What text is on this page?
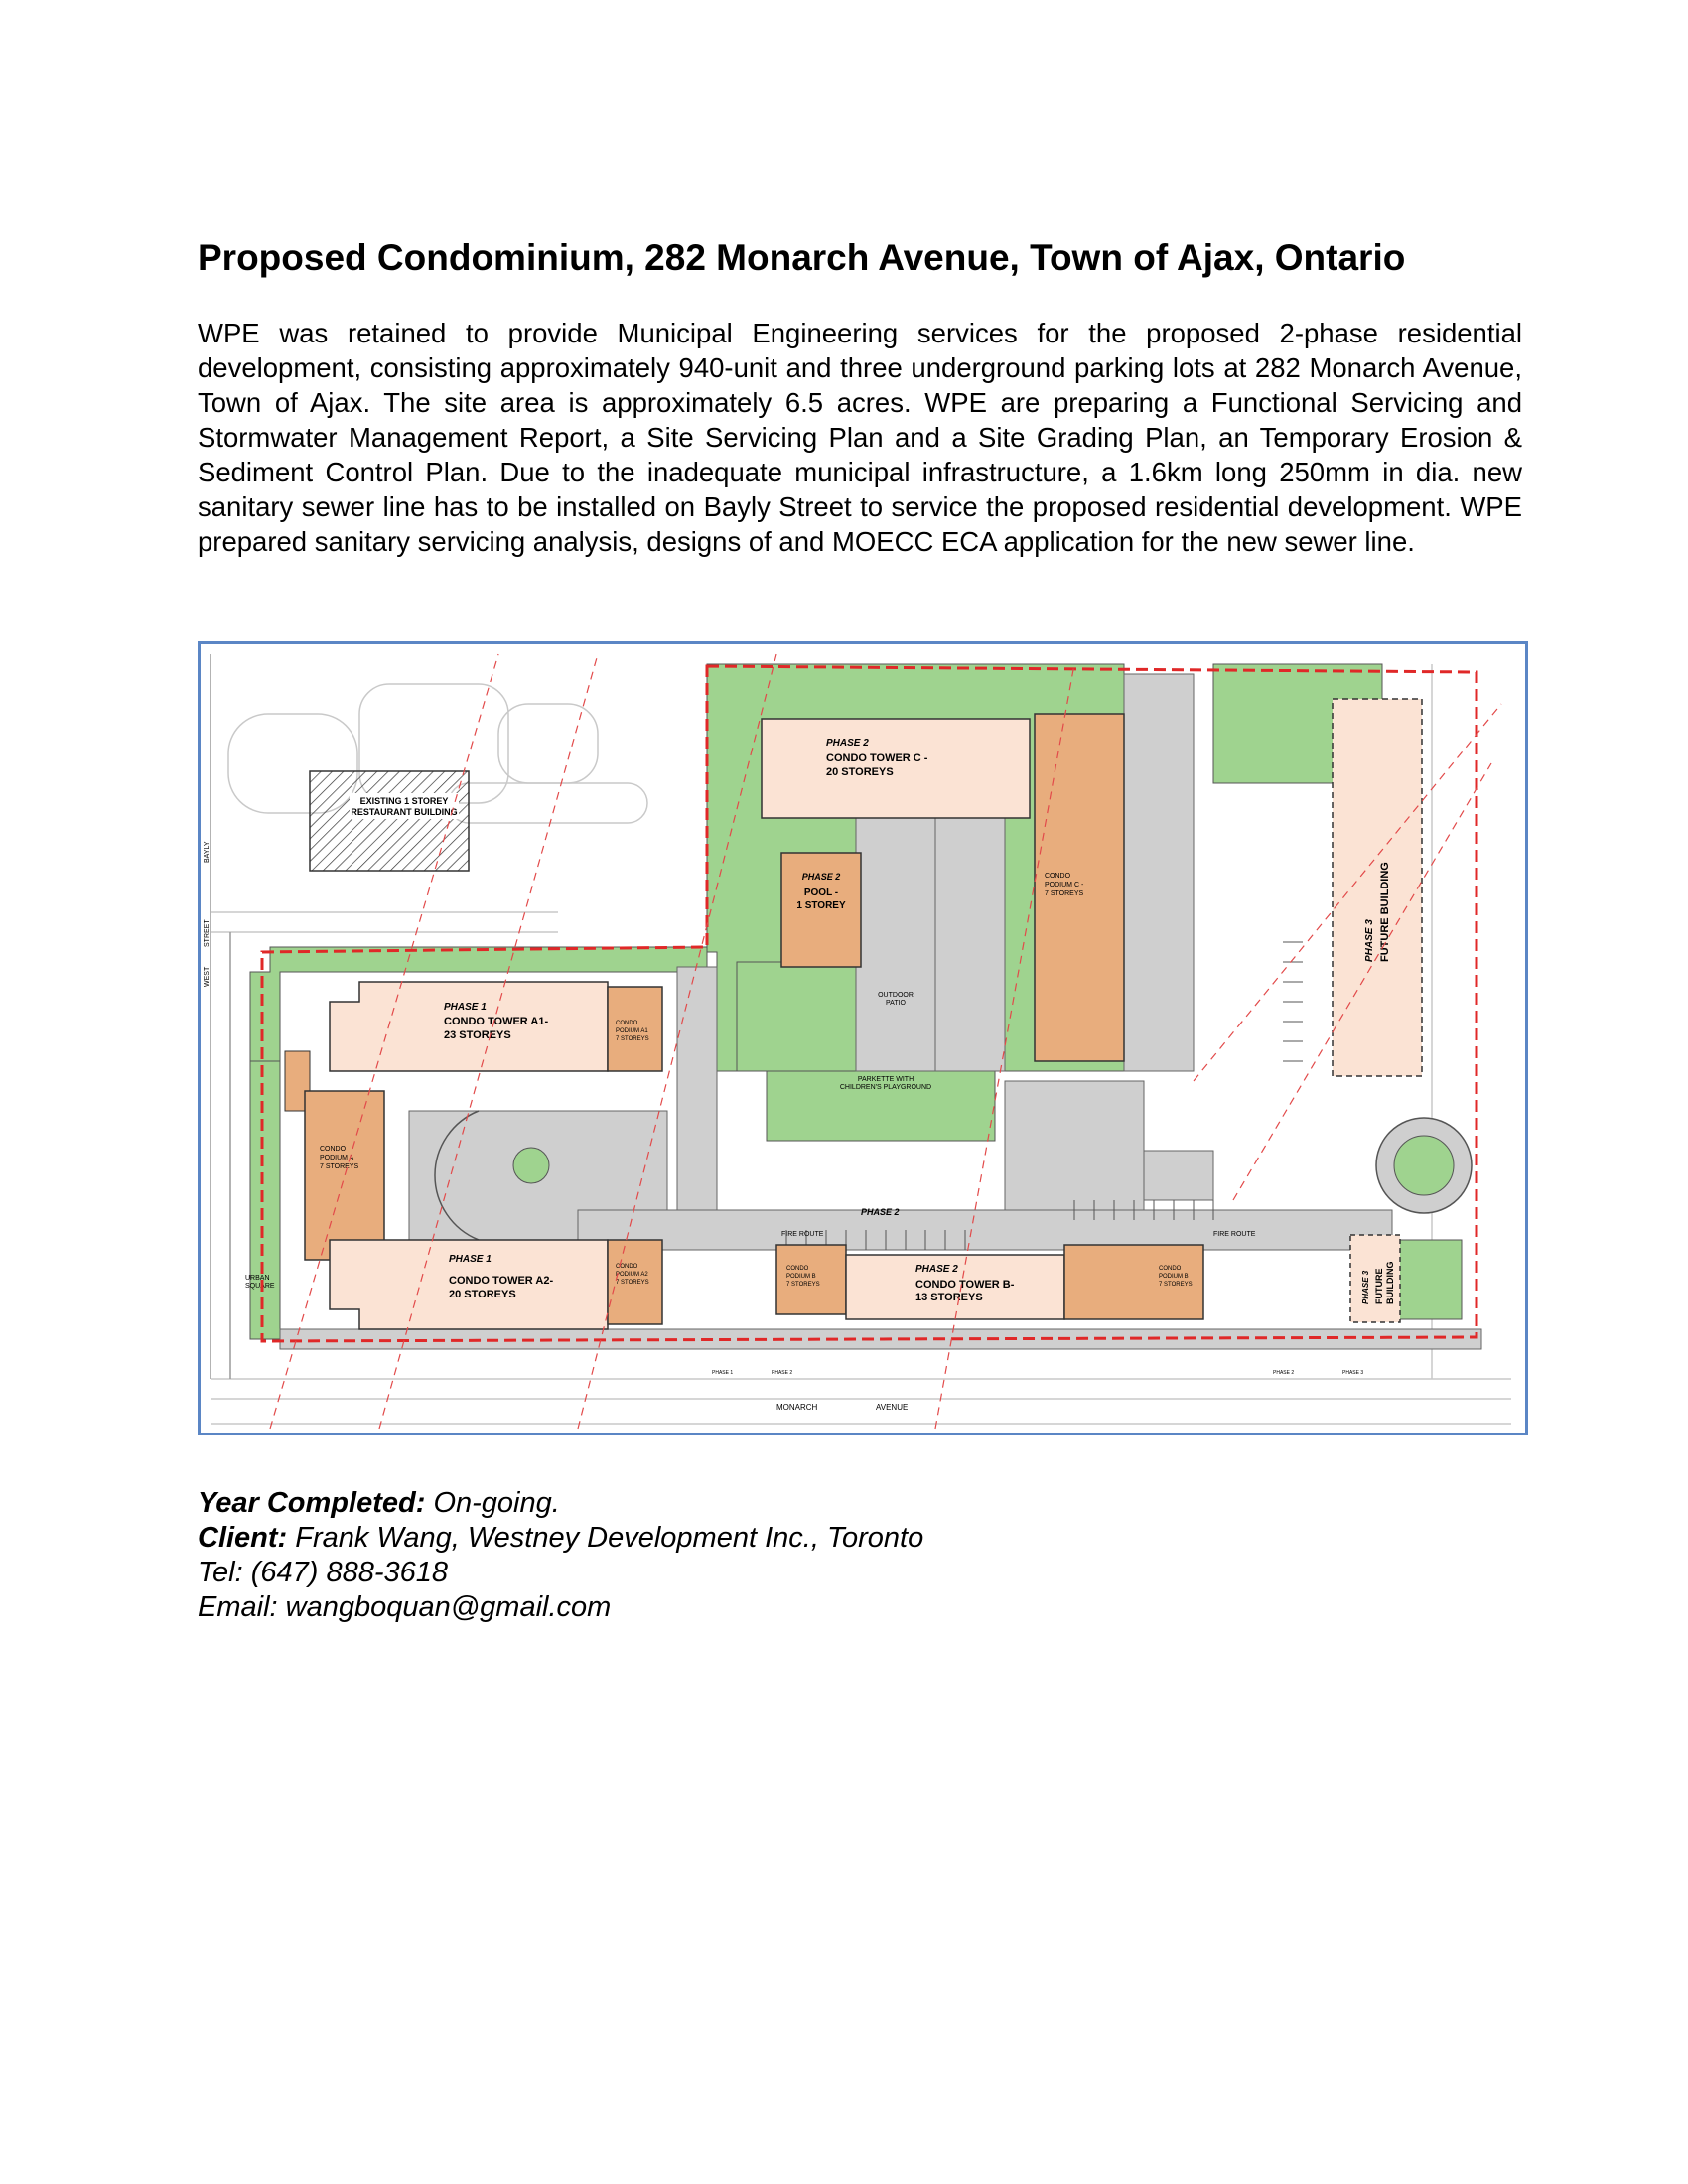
Proposed Condominium, 282 Monarch Avenue, Town of Ajax, Ontario

WPE was retained to provide Municipal Engineering services for the proposed 2-phase residential development, consisting approximately 940-unit and three underground parking lots at 282 Monarch Avenue, Town of Ajax. The site area is approximately 6.5 acres. WPE are preparing a Functional Servicing and Stormwater Management Report, a Site Servicing Plan and a Site Grading Plan, an Temporary Erosion & Sediment Control Plan. Due to the inadequate municipal infrastructure, a 1.6km long 250mm in dia. new sanitary sewer line has to be installed on Bayly Street to service the proposed residential development. WPE prepared sanitary servicing analysis, designs of and MOECC ECA application for the new sewer line.

EXISTING 1 STOREY
RESTAURANT BUILDING
PHASE 2
CONDO TOWER C -
20 STOREYS
CONDO
PODIUM C -
7 STOREYS
PHASE 2
POOL -
1 STOREY
OUTDOOR
PATIO
PARKETTE WITH
CHILDREN'S PLAYGROUND
PHASE 3 FUTURE BUILDING
PHASE 1
CONDO TOWER A1-
23 STOREYS
CONDO
PODIUM A1
7 STOREYS
CONDO
PODIUM A
7 STOREYS
PHASE 1
CONDO TOWER A2-
20 STOREYS
CONDO
PODIUM A2
7 STOREYS
PHASE 2
CONDO TOWER B-
13 STOREYS
CONDO
PODIUM B
7 STOREYS
CONDO
PODIUM B
7 STOREYS	PHASE 3 FUTURE BUILDING
PHASE 2
FIRE ROUTE	FIRE ROUTE
URBAN
SQUARE
BAYLY
STREET
WEST
MONARCH	AVENUE
PHASE 1	PHASE 2	PHASE 2	PHASE 3
Year Completed: On-going.
Client: Frank Wang, Westney Development Inc., Toronto
Tel: (647) 888-3618
Email: wangboquan@gmail.com
